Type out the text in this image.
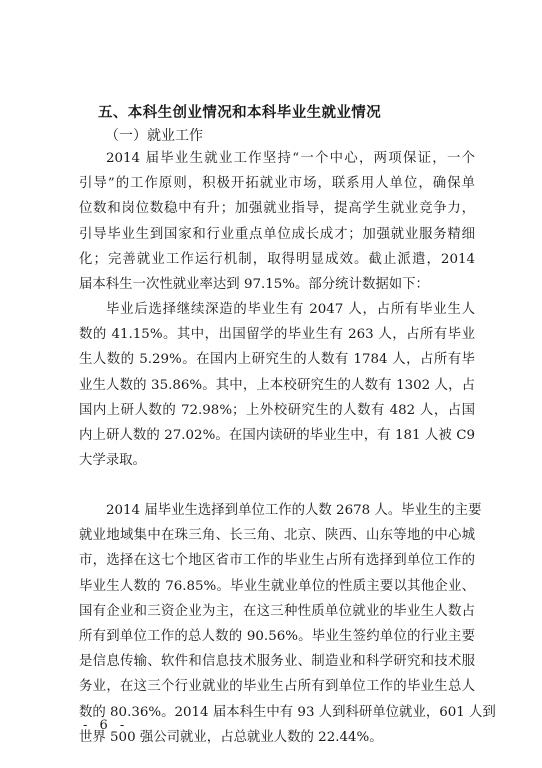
五、本科生创业情况和本科毕业生就业情况
（一）就业工作
2014 届毕业生就业工作坚持“一个中心，两项保证，一个
引导”的工作原则，积极开拓就业市场，联系用人单位，确保单
位数和岗位数稳中有升；加强就业指导，提高学生就业竞争力，
引导毕业生到国家和行业重点单位成长成才；加强就业服务精细
化；完善就业工作运行机制，取得明显成效。截止派遣，2014
届本科生一次性就业率达到 97.15%。部分统计数据如下：
毕业后选择继续深造的毕业生有 2047 人，占所有毕业生人
数的 41.15%。其中，出国留学的毕业生有 263 人，占所有毕业
生人数的 5.29%。在国内上研究生的人数有 1784 人，占所有毕
业生人数的 35.86%。其中，上本校研究生的人数有 1302 人，占
国内上研人数的 72.98%；上外校研究生的人数有 482 人，占国
内上研人数的 27.02%。在国内读研的毕业生中，有 181 人被 C9
大学录取。
2014 届毕业生选择到单位工作的人数 2678 人。毕业生的主要
就业地域集中在珠三角、长三角、北京、陕西、山东等地的中心城
市，选择在这七个地区省市工作的毕业生占所有选择到单位工作的
毕业生人数的 76.85%。毕业生就业单位的性质主要以其他企业、
国有企业和三资企业为主，在这三种性质单位就业的毕业生人数占
所有到单位工作的总人数的 90.56%。毕业生签约单位的行业主要
是信息传输、软件和信息技术服务业、制造业和科学研究和技术服
务业，在这三个行业就业的毕业生占所有到单位工作的毕业生总人
数的 80.36%。2014 届本科生中有 93 人到科研单位就业，601 人到
世界 500 强公司就业，占总就业人数的 22.44%。
- 6 -
